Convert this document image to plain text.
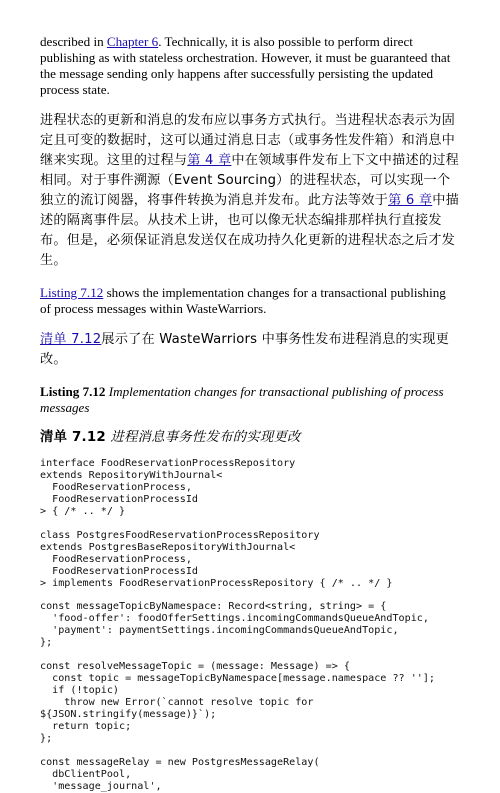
described in Chapter 6. Technically, it is also possible to perform direct publishing as with stateless orchestration. However, it must be guaranteed that the message sending only happens after successfully persisting the updated process state.

进程状态的更新和消息的发布应以事务方式执行。当进程状态表示为固定且可变的数据时，这可以通过消息日志（或事务性发件箱）和消息中继来实现。这里的过程与第 4 章中在领域事件发布上下文中描述的过程相同。对于事件溯源（Event Sourcing）的进程状态，可以实现一个独立的流订阅器，将事件转换为消息并发布。此方法等效于第 6 章中描述的隔离事件层。从技术上讲，也可以像无状态编排那样执行直接发布。但是，必须保证消息发送仅在成功持久化更新的进程状态之后才发生。

Listing 7.12 shows the implementation changes for a transactional publishing of process messages within WasteWarriors.

清单 7.12展示了在 WasteWarriors 中事务性发布进程消息的实现更改。

Listing 7.12 Implementation changes for transactional publishing of process messages

清单 7.12 进程消息事务性发布的实现更改

interface FoodReservationProcessRepository
extends RepositoryWithJournal<
FoodReservationProcess,
FoodReservationProcessId
> { /* .. */ }

class PostgresFoodReservationProcessRepository
extends PostgresBaseRepositoryWithJournal<
FoodReservationProcess,
FoodReservationProcessId
> implements FoodReservationProcessRepository { /* .. */ }

const messageTopicByNamespace: Record<string, string> = {
'food-offer': foodOfferSettings.incomingCommandsQueueAndTopic,
'payment': paymentSettings.incomingCommandsQueueAndTopic,
};

const resolveMessageTopic = (message: Message) => {
const topic = messageTopicByNamespace[message.namespace ?? ''];
if (!topic)
throw new Error(`cannot resolve topic for
${JSON.stringify(message)}`);
return topic;
};

const messageRelay = new PostgresMessageRelay(
dbClientPool,
'message_journal',
